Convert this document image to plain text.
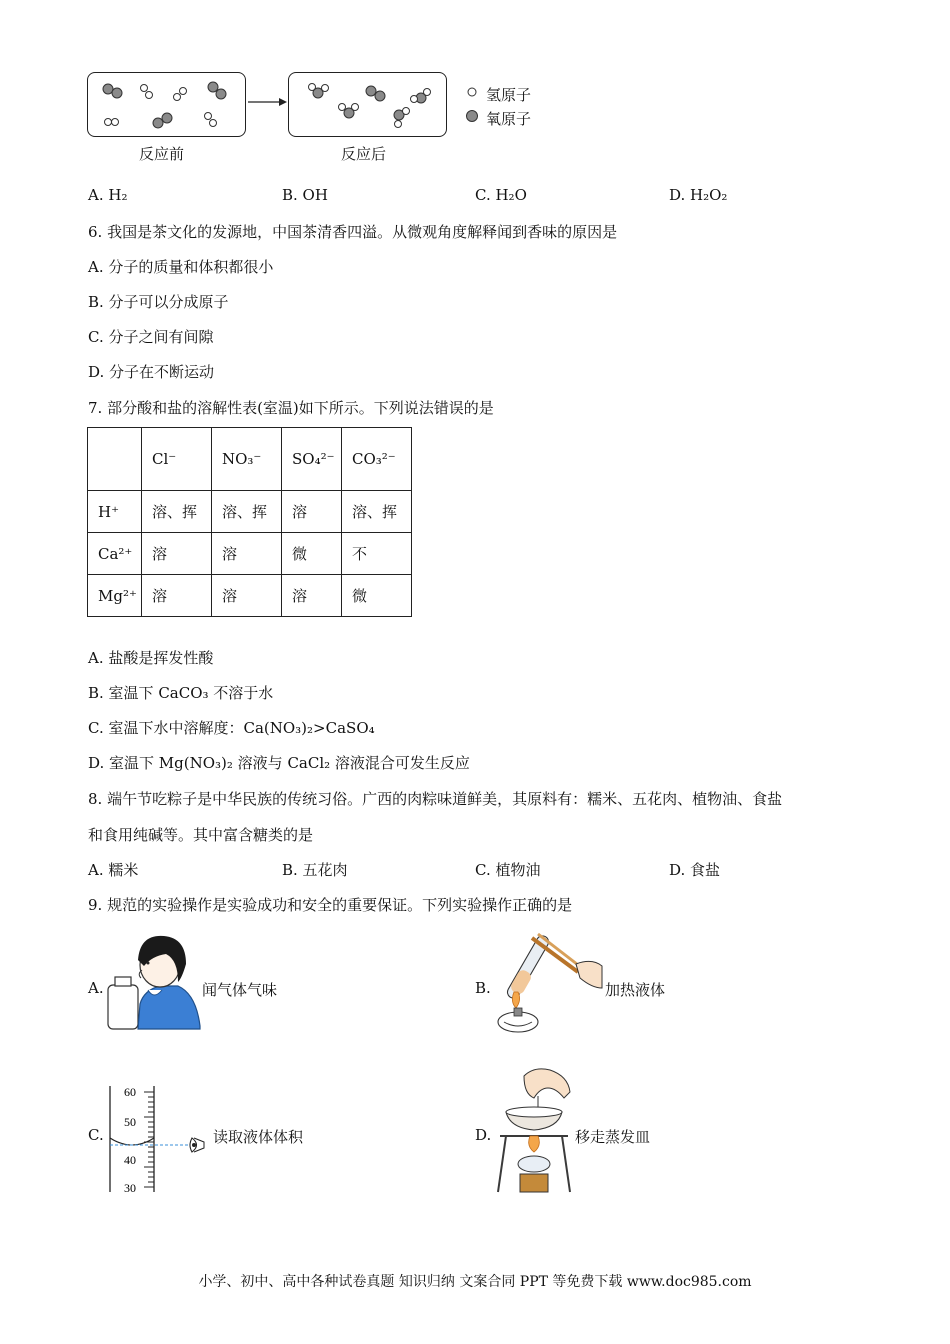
反应前	反应后
氢原子
氧原子
A. H₂	B. OH	C. H₂O	D. H₂O₂
6. 我国是茶文化的发源地，中国茶清香四溢。从微观角度解释闻到香味的原因是
A. 分子的质量和体积都很小
B. 分子可以分成原子
C. 分子之间有间隙
D. 分子在不断运动
7. 部分酸和盐的溶解性表(室温)如下所示。下列说法错误的是
	Cl⁻	NO₃⁻	SO₄²⁻	CO₃²⁻
H⁺	溶、挥	溶、挥	溶	溶、挥
Ca²⁺	溶	溶	微	不
Mg²⁺	溶	溶	溶	微
A. 盐酸是挥发性酸
B. 室温下 CaCO₃ 不溶于水
C. 室温下水中溶解度：Ca(NO₃)₂>CaSO₄
D. 室温下 Mg(NO₃)₂ 溶液与 CaCl₂ 溶液混合可发生反应
8. 端午节吃粽子是中华民族的传统习俗。广西的肉粽味道鲜美，其原料有：糯米、五花肉、植物油、食盐
和食用纯碱等。其中富含糖类的是
A. 糯米	B. 五花肉	C. 植物油	D. 食盐
9. 规范的实验操作是实验成功和安全的重要保证。下列实验操作正确的是
A.	闻气体气味	B.	加热液体
C.
60
50
40
30
读取液体体积	D.	移走蒸发皿
小学、初中、高中各种试卷真题 知识归纳 文案合同 PPT 等免费下载 www.doc985.com
